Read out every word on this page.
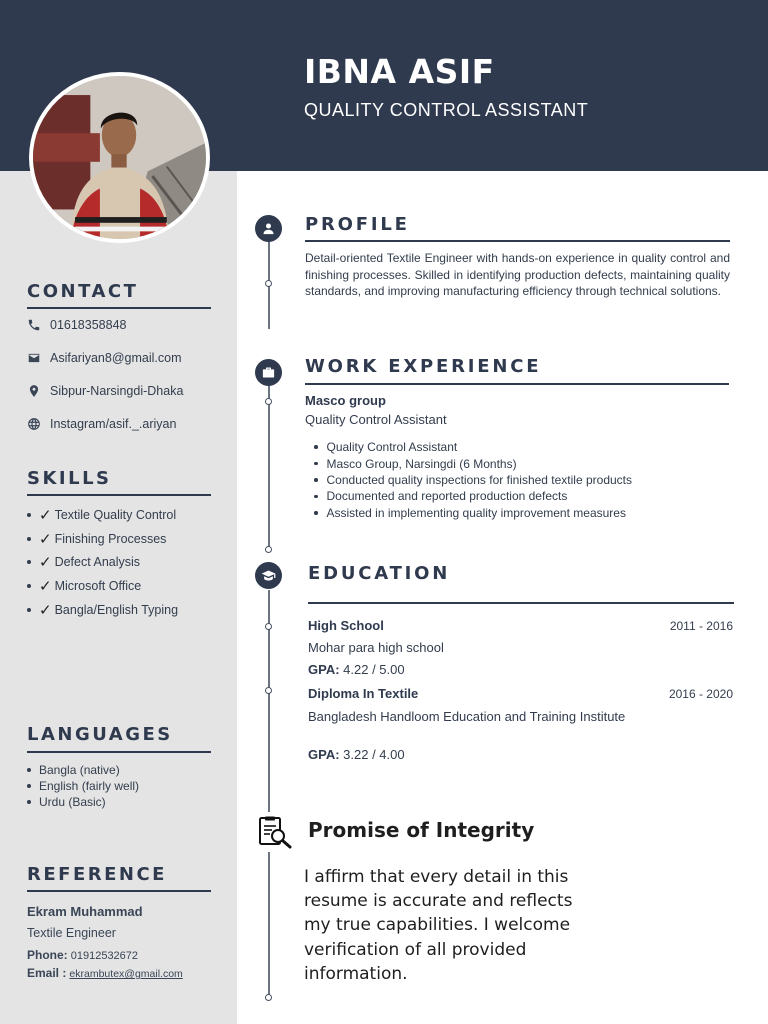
IBNA ASIF
QUALITY CONTROL ASSISTANT
CONTACT
01618358848
Asifariyan8@gmail.com
Sibpur-Narsingdi-Dhaka
Instagram/asif._.ariyan
SKILLS
✓ Textile Quality Control
✓ Finishing Processes
✓ Defect Analysis
✓ Microsoft Office
✓ Bangla/English Typing
LANGUAGES
Bangla (native)
English (fairly well)
Urdu (Basic)
REFERENCE
Ekram Muhammad
Textile Engineer
Phone: 01912532672
Email : ekrambutex@gmail.com
PROFILE
Detail-oriented Textile Engineer with hands-on experience in quality control and finishing processes. Skilled in identifying production defects, maintaining quality standards, and improving manufacturing efficiency through technical solutions.
WORK EXPERIENCE
Masco group
Quality Control Assistant
Quality Control Assistant
Masco Group, Narsingdi (6 Months)
Conducted quality inspections for finished textile products
Documented and reported production defects
Assisted in implementing quality improvement measures
EDUCATION
High School	2011 - 2016
Mohar para high school
GPA: 4.22 / 5.00
Diploma In Textile	2016 - 2020
Bangladesh Handloom Education and Training Institute
GPA: 3.22 / 4.00
Promise of Integrity
I affirm that every detail in this resume is accurate and reflects my true capabilities. I welcome verification of all provided information.
